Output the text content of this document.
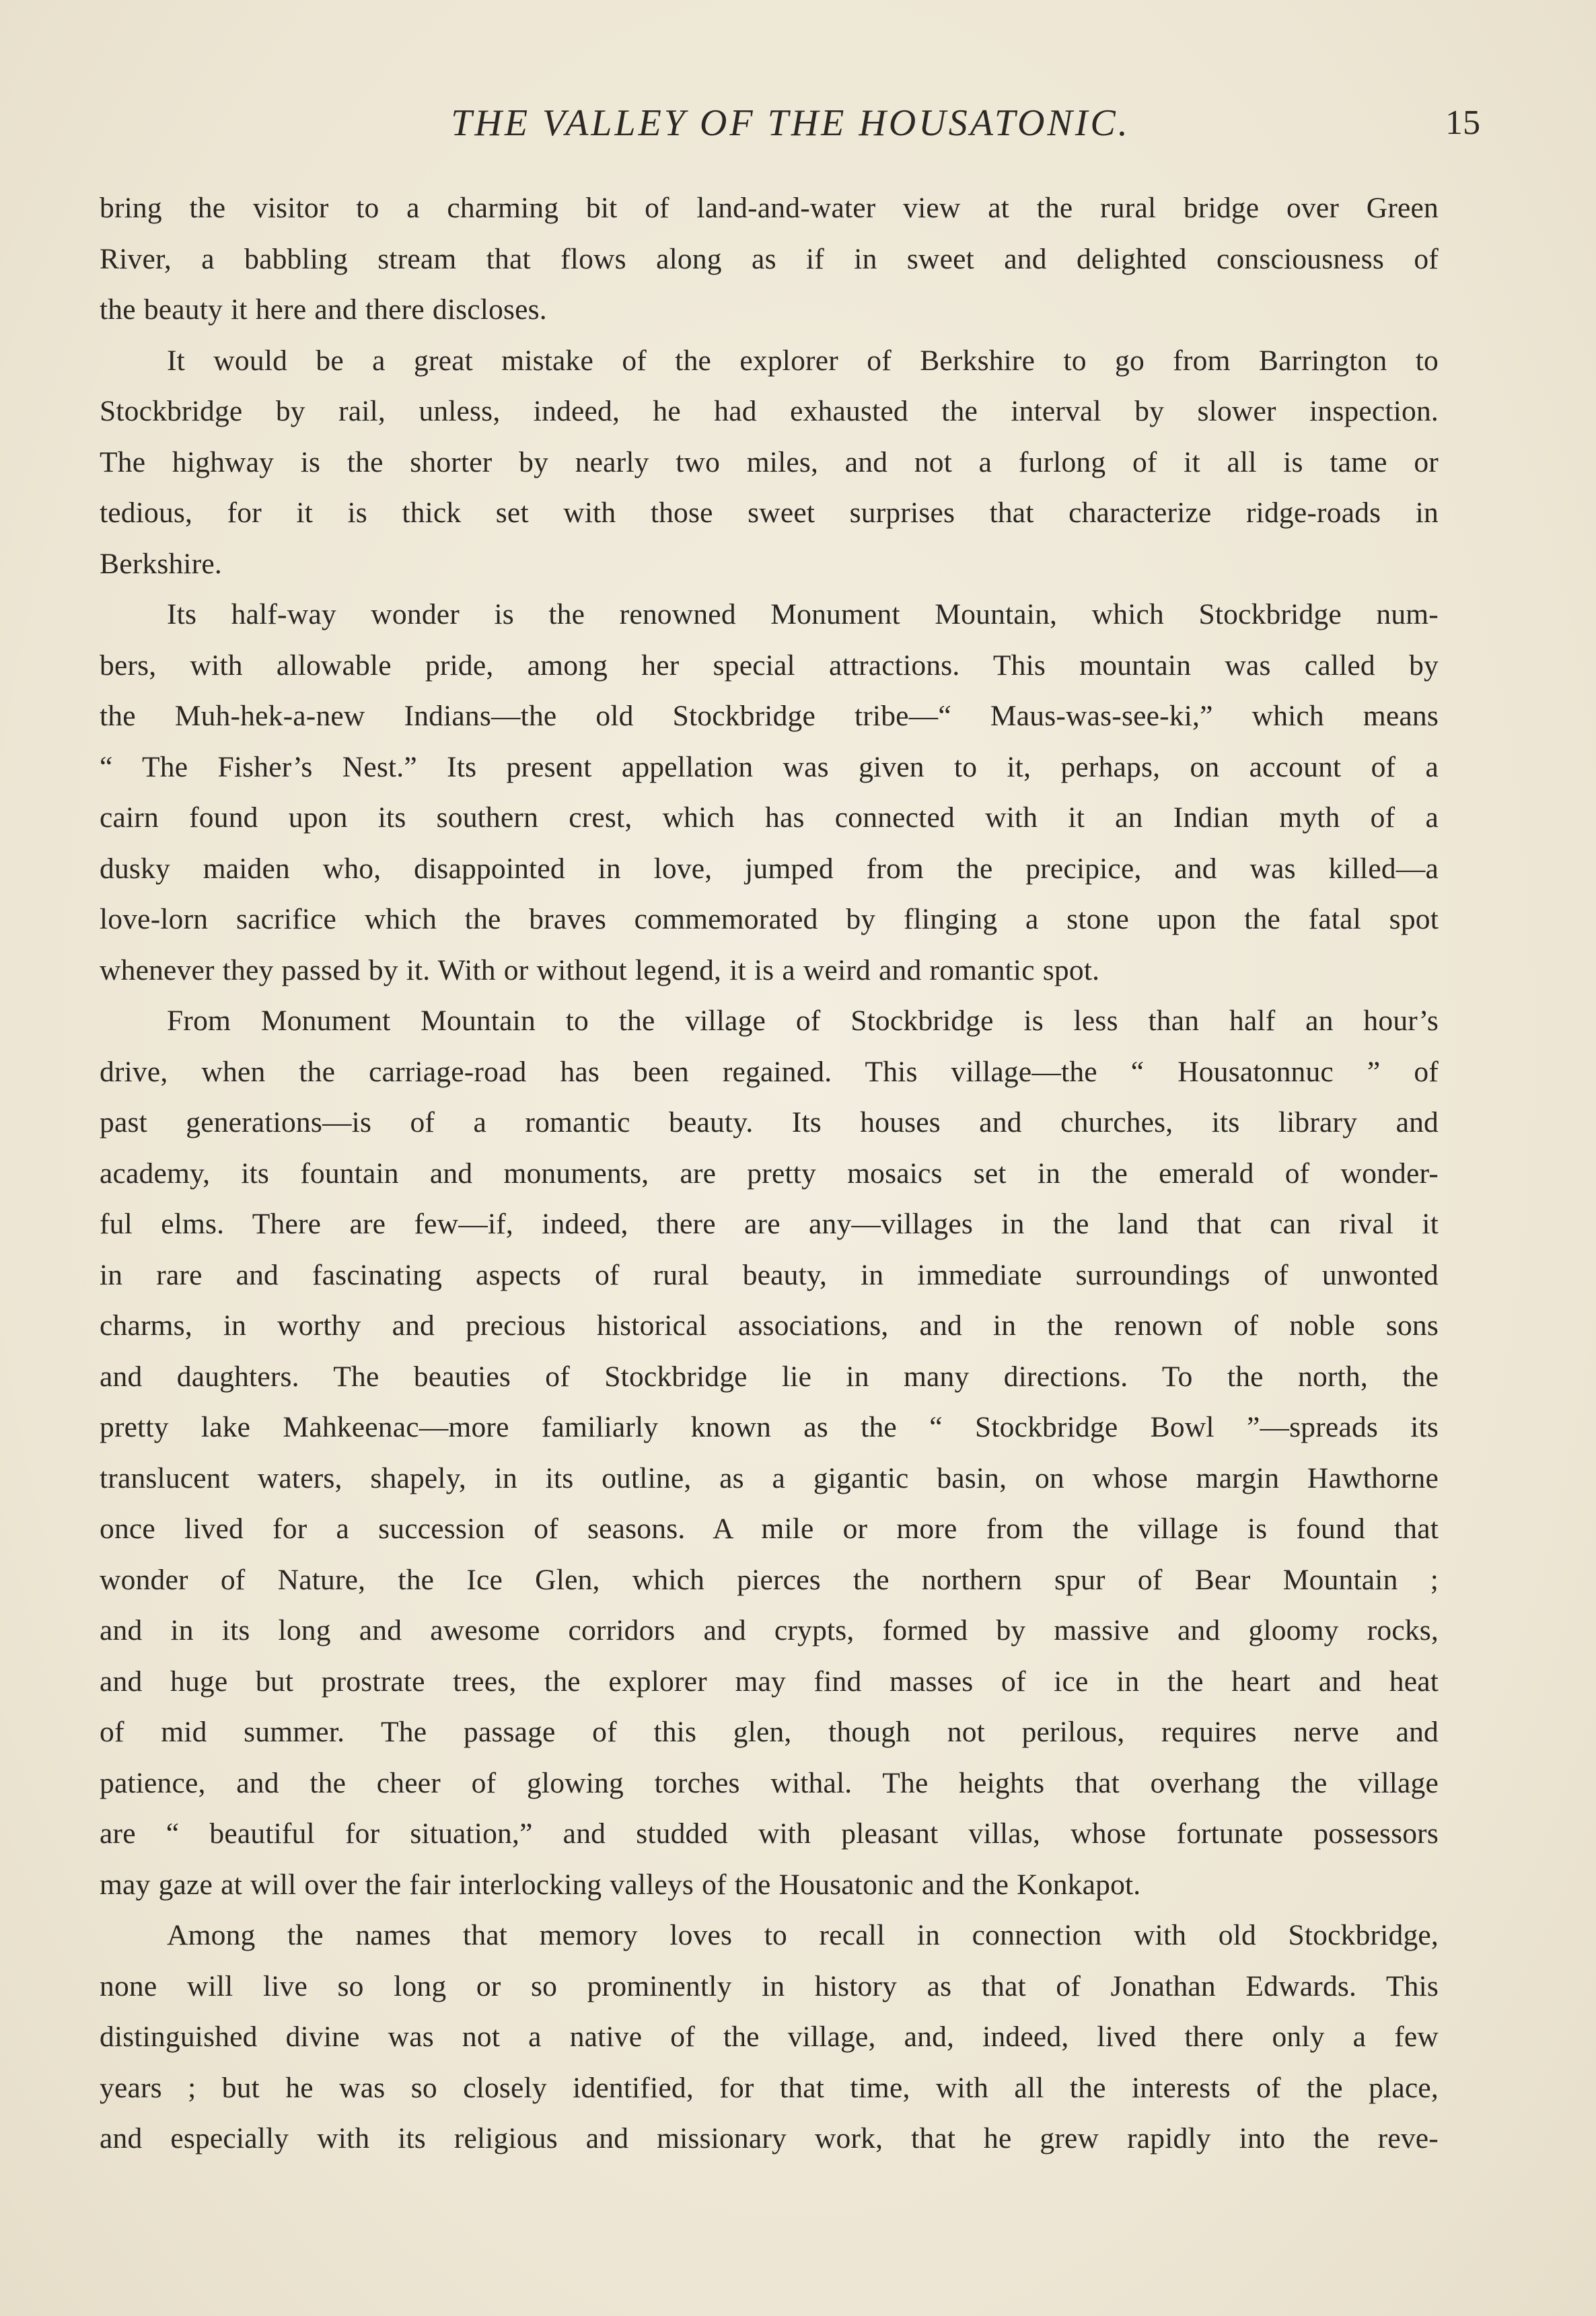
THE VALLEY OF THE HOUSATONIC.	15
bring the visitor to a charming bit of land-and-water view at the rural bridge over Green
River, a babbling stream that flows along as if in sweet and delighted consciousness of
the beauty it here and there discloses.
It would be a great mistake of the explorer of Berkshire to go from Barrington to
Stockbridge by rail, unless, indeed, he had exhausted the interval by slower inspection.
The highway is the shorter by nearly two miles, and not a furlong of it all is tame or
tedious, for it is thick set with those sweet surprises that characterize ridge-roads in
Berkshire.
Its half-way wonder is the renowned Monument Mountain, which Stockbridge num-
bers, with allowable pride, among her special attractions. This mountain was called by
the Muh-hek-a-new Indians—the old Stockbridge tribe—“ Maus-was-see-ki,” which means
“ The Fisher’s Nest.” Its present appellation was given to it, perhaps, on account of a
cairn found upon its southern crest, which has connected with it an Indian myth of a
dusky maiden who, disappointed in love, jumped from the precipice, and was killed—a
love-lorn sacrifice which the braves commemorated by flinging a stone upon the fatal spot
whenever they passed by it. With or without legend, it is a weird and romantic spot.
From Monument Mountain to the village of Stockbridge is less than half an hour’s
drive, when the carriage-road has been regained. This village—the “ Housatonnuc ” of
past generations—is of a romantic beauty. Its houses and churches, its library and
academy, its fountain and monuments, are pretty mosaics set in the emerald of wonder-
ful elms. There are few—if, indeed, there are any—villages in the land that can rival it
in rare and fascinating aspects of rural beauty, in immediate surroundings of unwonted
charms, in worthy and precious historical associations, and in the renown of noble sons
and daughters. The beauties of Stockbridge lie in many directions. To the north, the
pretty lake Mahkeenac—more familiarly known as the “ Stockbridge Bowl ”—spreads its
translucent waters, shapely, in its outline, as a gigantic basin, on whose margin Hawthorne
once lived for a succession of seasons. A mile or more from the village is found that
wonder of Nature, the Ice Glen, which pierces the northern spur of Bear Mountain ;
and in its long and awesome corridors and crypts, formed by massive and gloomy rocks,
and huge but prostrate trees, the explorer may find masses of ice in the heart and heat
of mid summer. The passage of this glen, though not perilous, requires nerve and
patience, and the cheer of glowing torches withal. The heights that overhang the village
are “ beautiful for situation,” and studded with pleasant villas, whose fortunate possessors
may gaze at will over the fair interlocking valleys of the Housatonic and the Konkapot.
Among the names that memory loves to recall in connection with old Stockbridge,
none will live so long or so prominently in history as that of Jonathan Edwards. This
distinguished divine was not a native of the village, and, indeed, lived there only a few
years ; but he was so closely identified, for that time, with all the interests of the place,
and especially with its religious and missionary work, that he grew rapidly into the reve-
